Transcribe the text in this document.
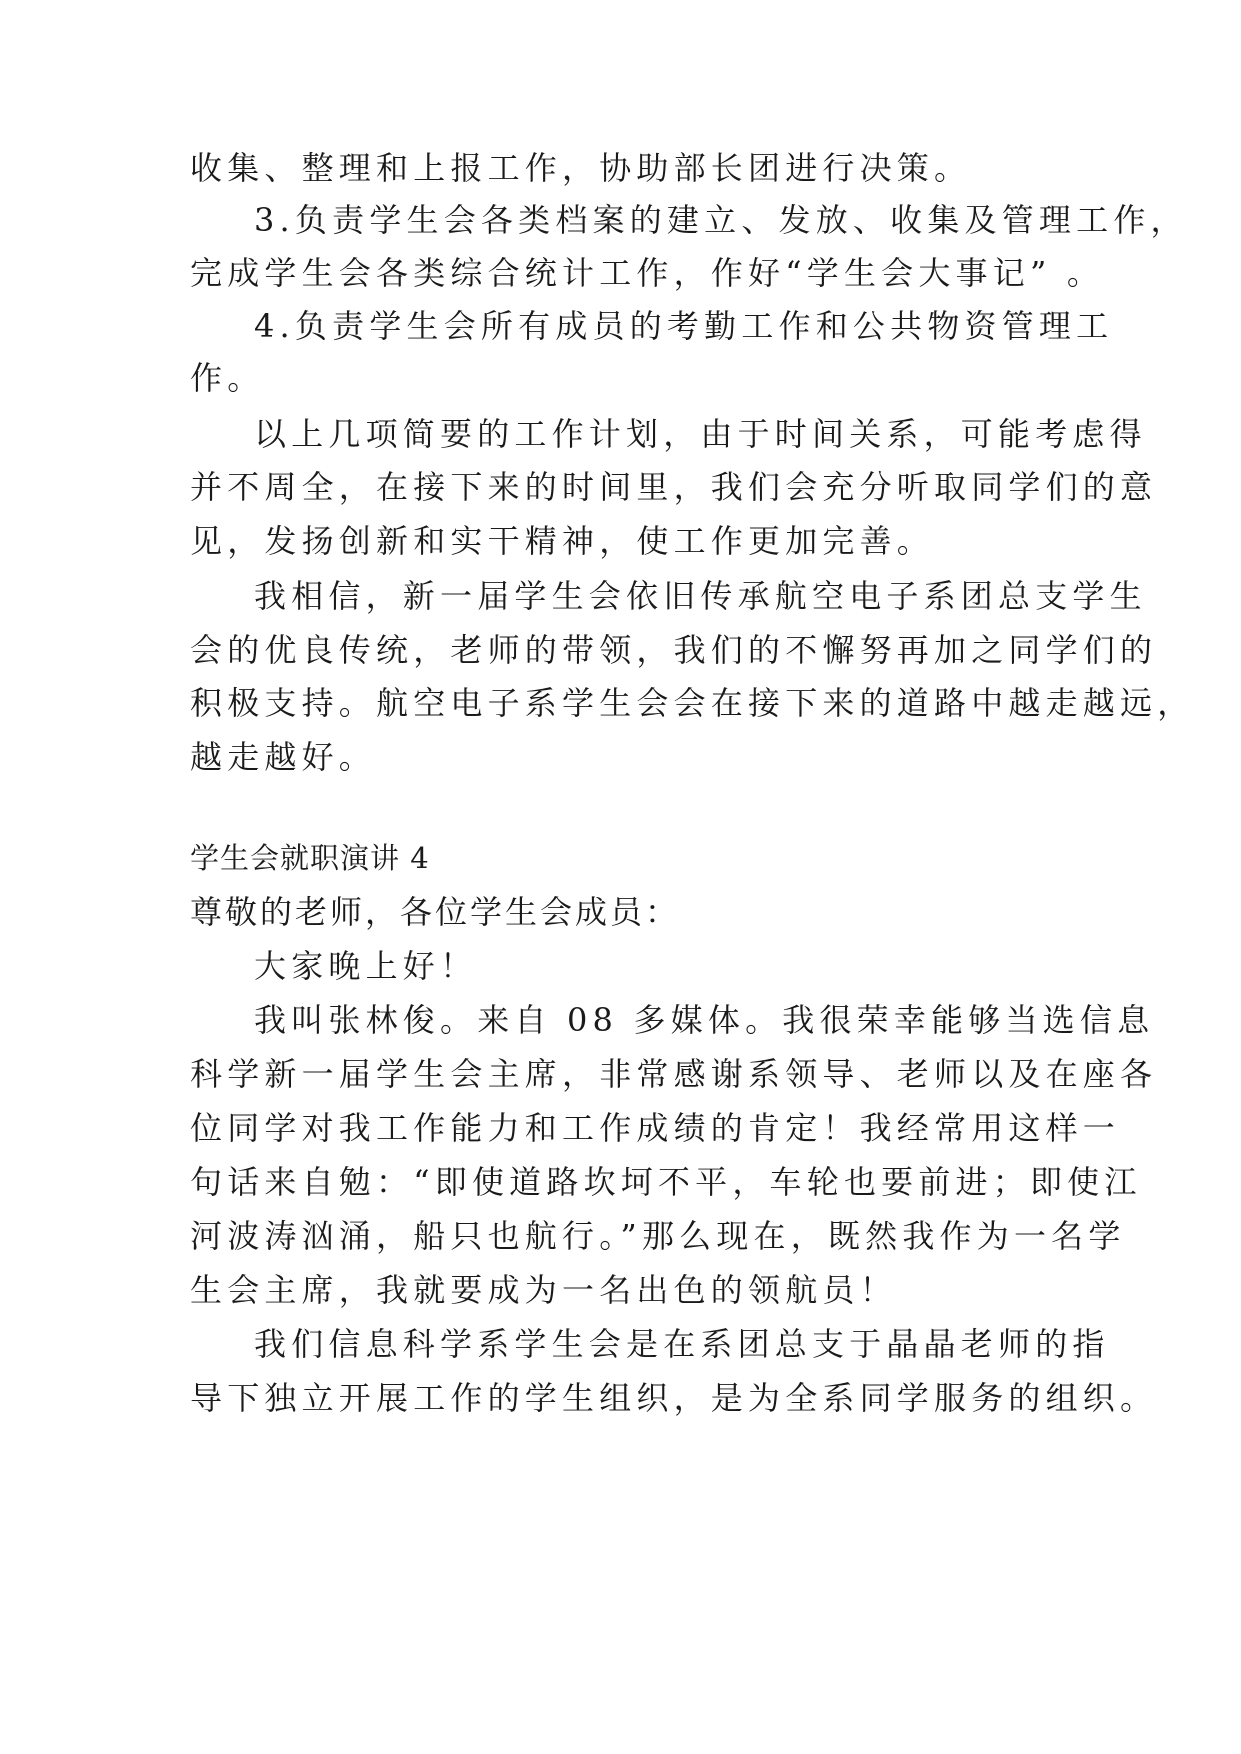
收集、整理和上报工作，协助部长团进行决策。
3.负责学生会各类档案的建立、发放、收集及管理工作，
完成学生会各类综合统计工作，作好“学生会大事记” 。
4.负责学生会所有成员的考勤工作和公共物资管理工
作。
以上几项简要的工作计划，由于时间关系，可能考虑得
并不周全，在接下来的时间里，我们会充分听取同学们的意
见，发扬创新和实干精神，使工作更加完善。
我相信，新一届学生会依旧传承航空电子系团总支学生
会的优良传统，老师的带领，我们的不懈努再加之同学们的
积极支持。航空电子系学生会会在接下来的道路中越走越远，
越走越好。
学生会就职演讲 4
尊敬的老师，各位学生会成员：
大家晚上好！
我叫张林俊。来自 08 多媒体。我很荣幸能够当选信息
科学新一届学生会主席，非常感谢系领导、老师以及在座各
位同学对我工作能力和工作成绩的肯定！我经常用这样一
句话来自勉：“即使道路坎坷不平，车轮也要前进；即使江
河波涛汹涌，船只也航行。”那么现在，既然我作为一名学
生会主席，我就要成为一名出色的领航员！
我们信息科学系学生会是在系团总支于晶晶老师的指
导下独立开展工作的学生组织，是为全系同学服务的组织。
